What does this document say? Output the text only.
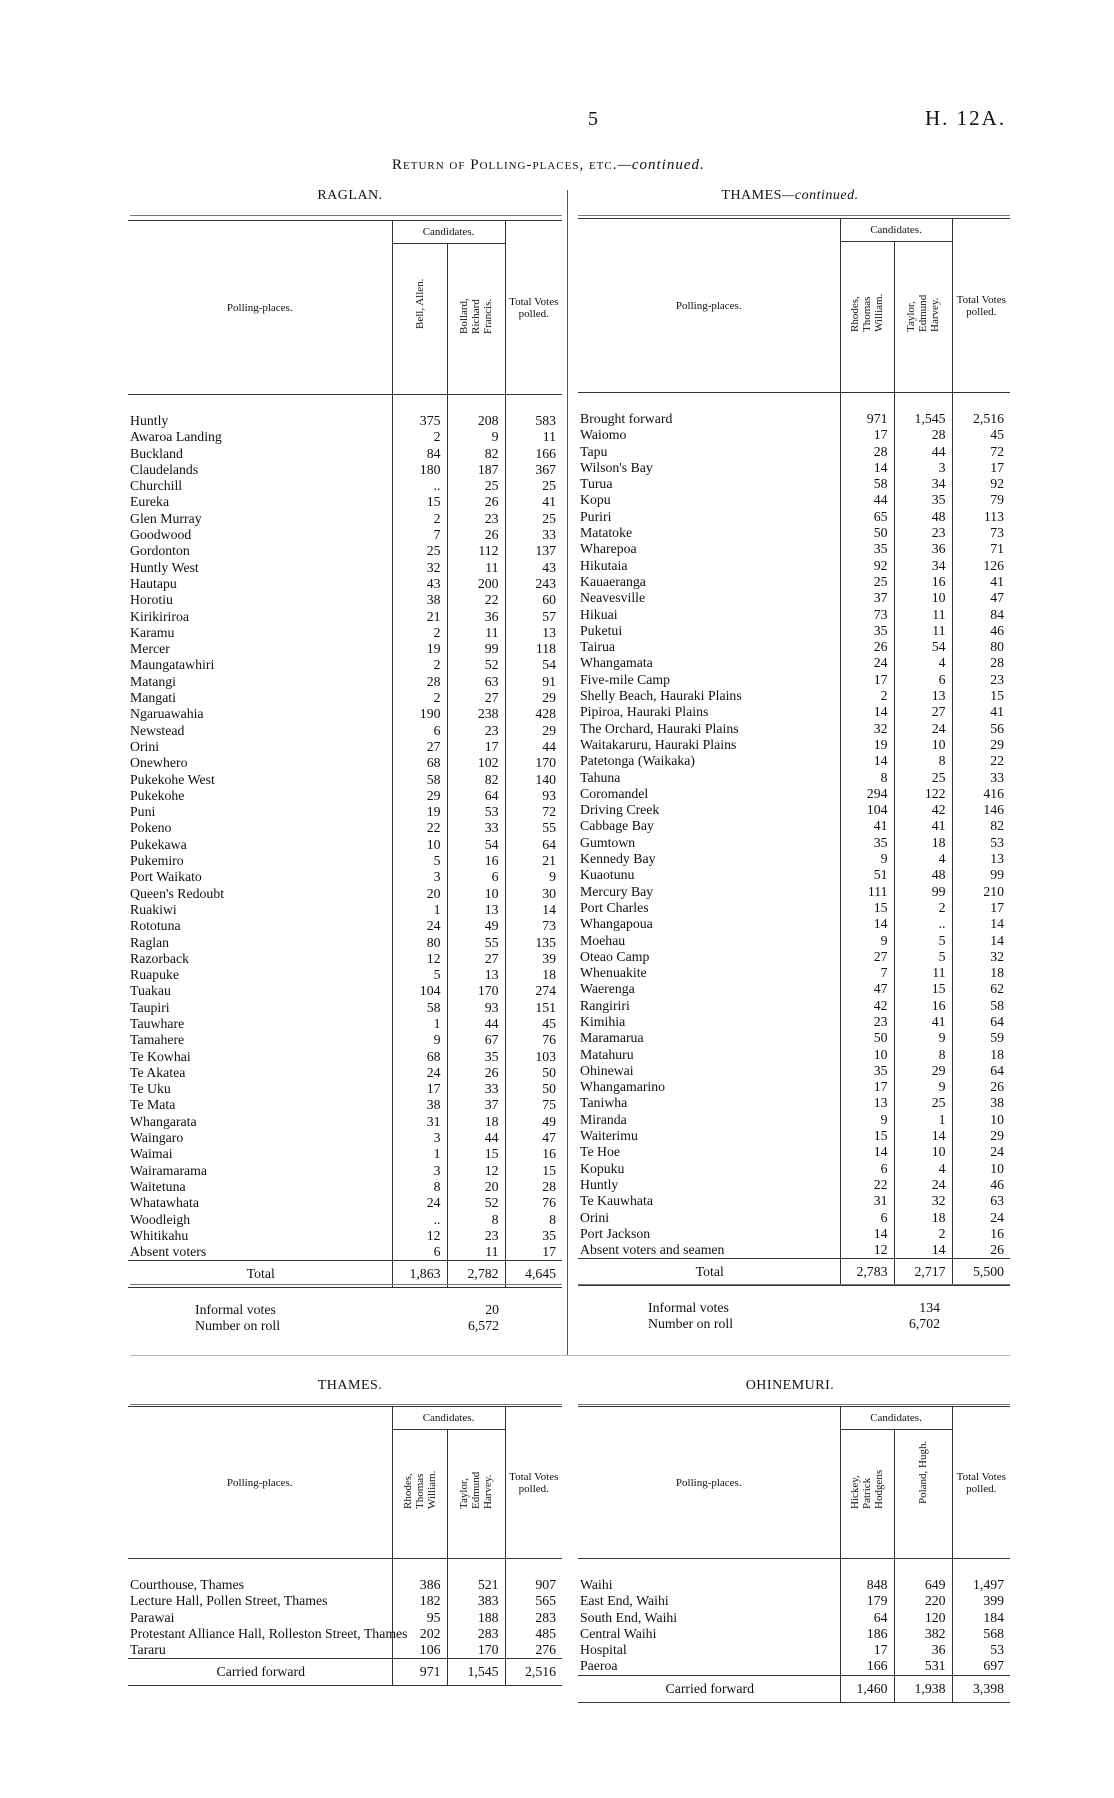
5	H. 12A.
Return of Polling-places, etc.—continued.
RAGLAN.
Polling-places.	Candidates.		Total Votes polled.

	Bell, Allen.	Bollard, Richard Francis.	

Huntly	375	208	583
Awaroa Landing	2	9	11
Buckland	84	82	166
Claudelands	180	187	367
Churchill	..	25	25
Eureka	15	26	41
Glen Murray	2	23	25
Goodwood	7	26	33
Gordonton	25	112	137
Huntly West	32	11	43
Hautapu	43	200	243
Horotiu	38	22	60
Kirikiriroa	21	36	57
Karamu	2	11	13
Mercer	19	99	118
Maungatawhiri	2	52	54
Matangi	28	63	91
Mangati	2	27	29
Ngaruawahia	190	238	428
Newstead	6	23	29
Orini	27	17	44
Onewhero	68	102	170
Pukekohe West	58	82	140
Pukekohe	29	64	93
Puni	19	53	72
Pokeno	22	33	55
Pukekawa	10	54	64
Pukemiro	5	16	21
Port Waikato	3	6	9
Queen's Redoubt	20	10	30
Ruakiwi	1	13	14
Rototuna	24	49	73
Raglan	80	55	135
Razorback	12	27	39
Ruapuke	5	13	18
Tuakau	104	170	274
Taupiri	58	93	151
Tauwhare	1	44	45
Tamahere	9	67	76
Te Kowhai	68	35	103
Te Akatea	24	26	50
Te Uku	17	33	50
Te Mata	38	37	75
Whangarata	31	18	49
Waingaro	3	44	47
Waimai	1	15	16
Wairamarama	3	12	15
Waitetuna	8	20	28
Whatawhata	24	52	76
Woodleigh	..	8	8
Whitikahu	12	23	35
Absent voters	6	11	17
Total	1,863	2,782	4,645
Informal votes	20
Number on roll	6,572
THAMES—continued.
Polling-places.	Candidates.		Total Votes polled.

	Rhodes, Thomas William.	Taylor, Edmund Harvey.	

Brought forward	971	1,545	2,516
Waiomo	17	28	45
Tapu	28	44	72
Wilson's Bay	14	3	17
Turua	58	34	92
Kopu	44	35	79
Puriri	65	48	113
Matatoke	50	23	73
Wharepoa	35	36	71
Hikutaia	92	34	126
Kauaeranga	25	16	41
Neavesville	37	10	47
Hikuai	73	11	84
Puketui	35	11	46
Tairua	26	54	80
Whangamata	24	4	28
Five-mile Camp	17	6	23
Shelly Beach, Hauraki Plains	2	13	15
Pipiroa, Hauraki Plains	14	27	41
The Orchard, Hauraki Plains	32	24	56
Waitakaruru, Hauraki Plains	19	10	29
Patetonga (Waikaka)	14	8	22
Tahuna	8	25	33
Coromandel	294	122	416
Driving Creek	104	42	146
Cabbage Bay	41	41	82
Gumtown	35	18	53
Kennedy Bay	9	4	13
Kuaotunu	51	48	99
Mercury Bay	111	99	210
Port Charles	15	2	17
Whangapoua	14	..	14
Moehau	9	5	14
Oteao Camp	27	5	32
Whenuakite	7	11	18
Waerenga	47	15	62
Rangiriri	42	16	58
Kimihia	23	41	64
Maramarua	50	9	59
Matahuru	10	8	18
Ohinewai	35	29	64
Whangamarino	17	9	26
Taniwha	13	25	38
Miranda	9	1	10
Waiterimu	15	14	29
Te Hoe	14	10	24
Kopuku	6	4	10
Huntly	22	24	46
Te Kauwhata	31	32	63
Orini	6	18	24
Port Jackson	14	2	16
Absent voters and seamen	12	14	26
Total	2,783	2,717	5,500
Informal votes	134
Number on roll	6,702
THAMES.
Polling-places.	Candidates.		Total Votes polled.

	Rhodes, Thomas William.	Taylor, Edmund Harvey.	

Courthouse, Thames	386	521	907
Lecture Hall, Pollen Street, Thames	182	383	565
Parawai	95	188	283
Protestant Alliance Hall, Rolleston Street, Thames	202	283	485
Tararu	106	170	276
Carried forward	971	1,545	2,516
OHINEMURI.
Polling-places.	Candidates.		Total Votes polled.

	Hickey, Patrick Hodgens	Poland, Hugh.	

Waihi	848	649	1,497
East End, Waihi	179	220	399
South End, Waihi	64	120	184
Central Waihi	186	382	568
Hospital	17	36	53
Paeroa	166	531	697
Carried forward	1,460	1,938	3,398
